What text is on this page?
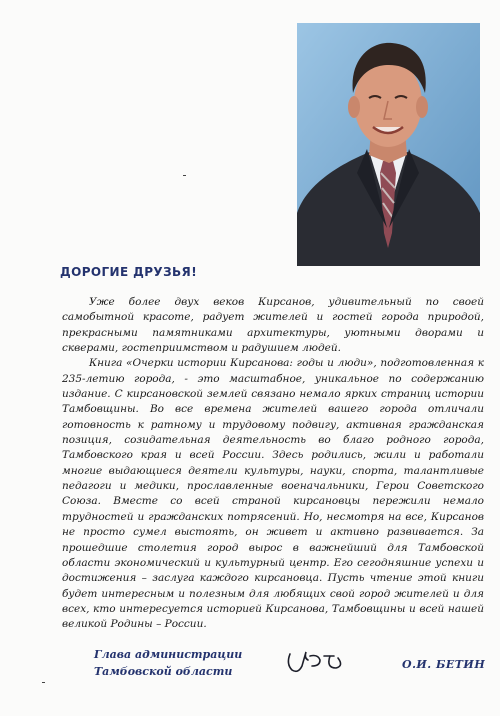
ДОРОГИЕ ДРУЗЬЯ!

Уже более двух веков Кирсанов, удивительный по своей самобытной красоте, радует жителей и гостей города природой, прекрасными памятниками архитектуры, уютными дворами и скверами, гостеприимством и радушием людей.

Книга «Очерки истории Кирсанова: годы и люди», подготовленная к 235-летию города, - это масштабное, уникальное по содержанию издание. С кирсановской землей связано немало ярких страниц истории Тамбовщины. Во все времена жителей вашего города отличали готовность к ратному и трудовому подвигу, активная гражданская позиция, созидательная деятельность во благо родного города, Тамбовского края и всей России. Здесь родились, жили и работали многие выдающиеся деятели культуры, науки, спорта, талантливые педагоги и медики, прославленные военачальники, Герои Советского Союза. Вместе со всей страной кирсановцы пережили немало трудностей и гражданских потрясений. Но, несмотря на все, Кирсанов не просто сумел выстоять, он живет и активно развивается. За прошедшие столетия город вырос в важнейший для Тамбовской области экономический и культурный центр. Его сегодняшние успехи и достижения – заслуга каждого кирсановца. Пусть чтение этой книги будет интересным и полезным для любящих свой город жителей и для всех, кто интересуется историей Кирсанова, Тамбовщины и всей нашей великой Родины – России.

Глава администрации
Тамбовской области
О.И. БЕТИН
